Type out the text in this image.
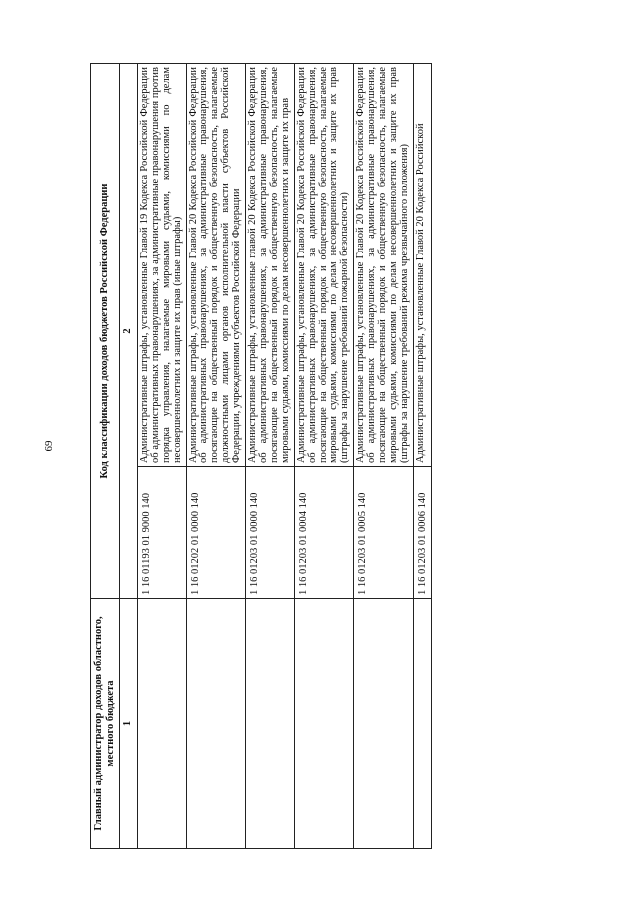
69
Главный администратор доходов областного, местного бюджета	Код классификации доходов бюджетов Российской Федерации	
1	2	
	1 16 01193 01 9000 140	Административные штрафы, установленные Главой 19 Кодекса Российской Федерации об административных правонарушениях, за административные правонарушения против порядка управления, налагаемые мировыми судьями, комиссиями по делам несовершеннолетних и защите их прав (иные штрафы)
	1 16 01202 01 0000 140	Административные штрафы, установленные Главой 20 Кодекса Российской Федерации об административных правонарушениях, за административные правонарушения, посягающие на общественный порядок и общественную безопасность, налагаемые должностными лицами органов исполнительной власти субъектов Российской Федерации, учреждениями субъектов Российской Федерации
	1 16 01203 01 0000 140	Административные штрафы, установленные главой 20 Кодекса Российской Федерации об административных правонарушениях, за административные правонарушения, посягающие на общественный порядок и общественную безопасность, налагаемые мировыми судьями, комиссиями по делам несовершеннолетних и защите их прав
	1 16 01203 01 0004 140	Административные штрафы, установленные Главой 20 Кодекса Российской Федерации об административных правонарушениях, за административные правонарушения, посягающие на общественный порядок и общественную безопасность, налагаемые мировыми судьями, комиссиями по делам несовершеннолетних и защите их прав (штрафы за нарушение требований пожарной безопасности)
	1 16 01203 01 0005 140	Административные штрафы, установленные Главой 20 Кодекса Российской Федерации об административных правонарушениях, за административные правонарушения, посягающие на общественный порядок и общественную безопасность, налагаемые мировыми судьями, комиссиями по делам несовершеннолетних и защите их прав (штрафы за нарушение требований режима чрезвычайного положения)
	1 16 01203 01 0006 140	Административные штрафы, установленные Главой 20 Кодекса Российской
